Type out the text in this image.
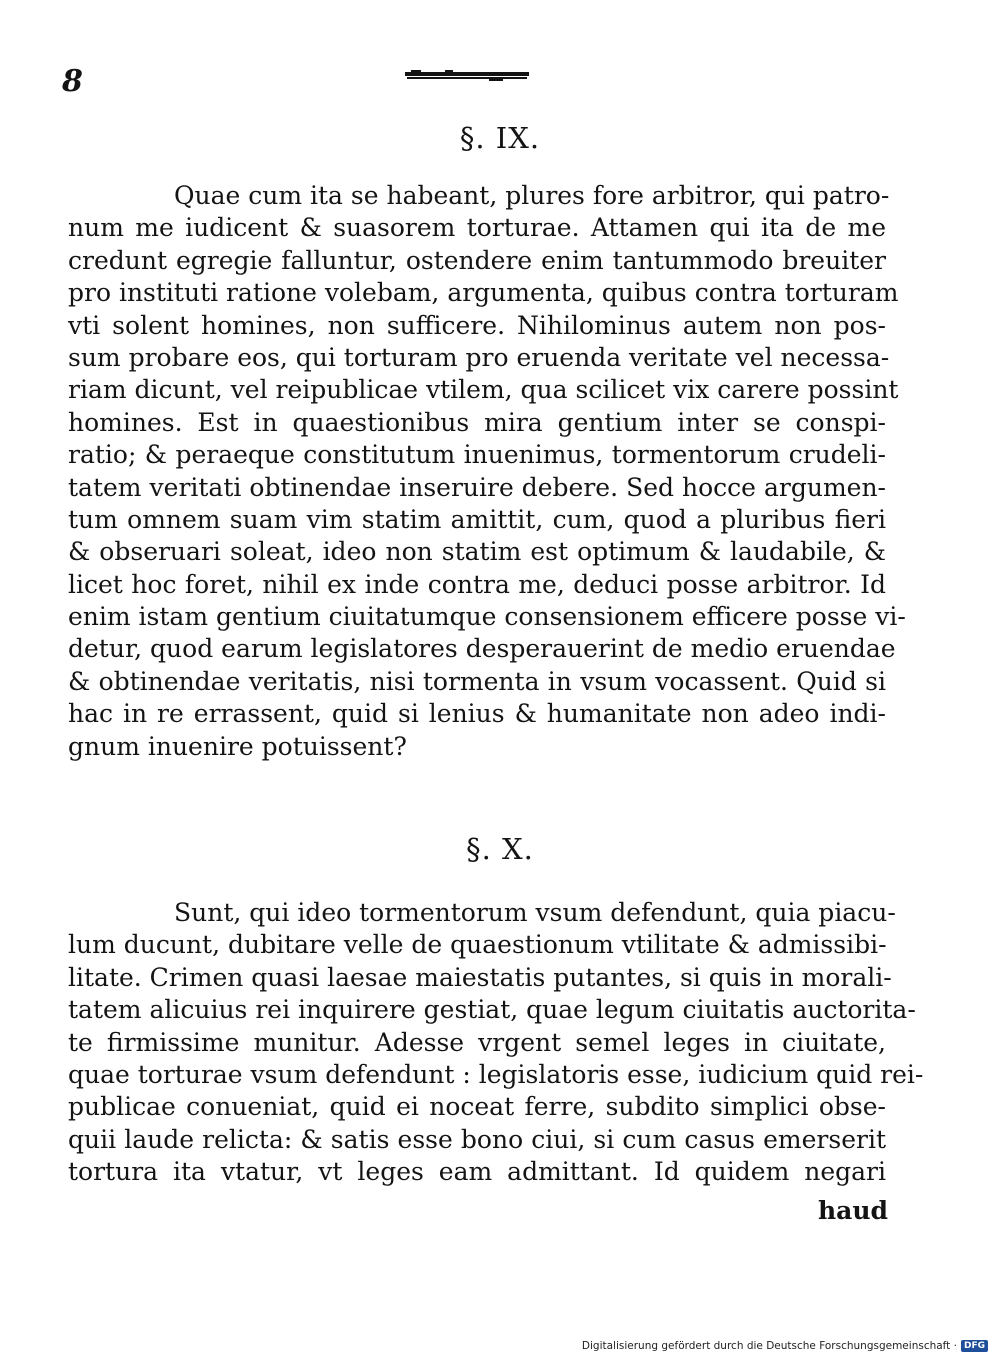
8
§. IX.
Quae cum ita se habeant, plures fore arbitror, qui patro-
num me iudicent & suasorem torturae. Attamen qui ita de me
credunt egregie falluntur, ostendere enim tantummodo breuiter
pro instituti ratione volebam, argumenta, quibus contra torturam
vti solent homines, non sufficere. Nihilominus autem non pos-
sum probare eos, qui torturam pro eruenda veritate vel necessa-
riam dicunt, vel reipublicae vtilem, qua scilicet vix carere possint
homines. Est in quaestionibus mira gentium inter se conspi-
ratio; & peraeque constitutum inuenimus, tormentorum crudeli-
tatem veritati obtinendae inseruire debere. Sed hocce argumen-
tum omnem suam vim statim amittit, cum, quod a pluribus fieri
& obseruari soleat, ideo non statim est optimum & laudabile, &
licet hoc foret, nihil ex inde contra me, deduci posse arbitror. Id
enim istam gentium ciuitatumque consensionem efficere posse vi-
detur, quod earum legislatores desperauerint de medio eruendae
& obtinendae veritatis, nisi tormenta in vsum vocassent. Quid si
hac in re errassent, quid si lenius & humanitate non adeo indi-
gnum inuenire potuissent?
§. X.
Sunt, qui ideo tormentorum vsum defendunt, quia piacu-
lum ducunt, dubitare velle de quaestionum vtilitate & admissibi-
litate. Crimen quasi laesae maiestatis putantes, si quis in morali-
tatem alicuius rei inquirere gestiat, quae legum ciuitatis auctorita-
te firmissime munitur. Adesse vrgent semel leges in ciuitate,
quae torturae vsum defendunt : legislatoris esse, iudicium quid rei-
publicae conueniat, quid ei noceat ferre, subdito simplici obse-
quii laude relicta: & satis esse bono ciui, si cum casus emerserit
tortura ita vtatur, vt leges eam admittant. Id quidem negari
haud
Digitalisierung gefördert durch die Deutsche Forschungsgemeinschaft · DFG
